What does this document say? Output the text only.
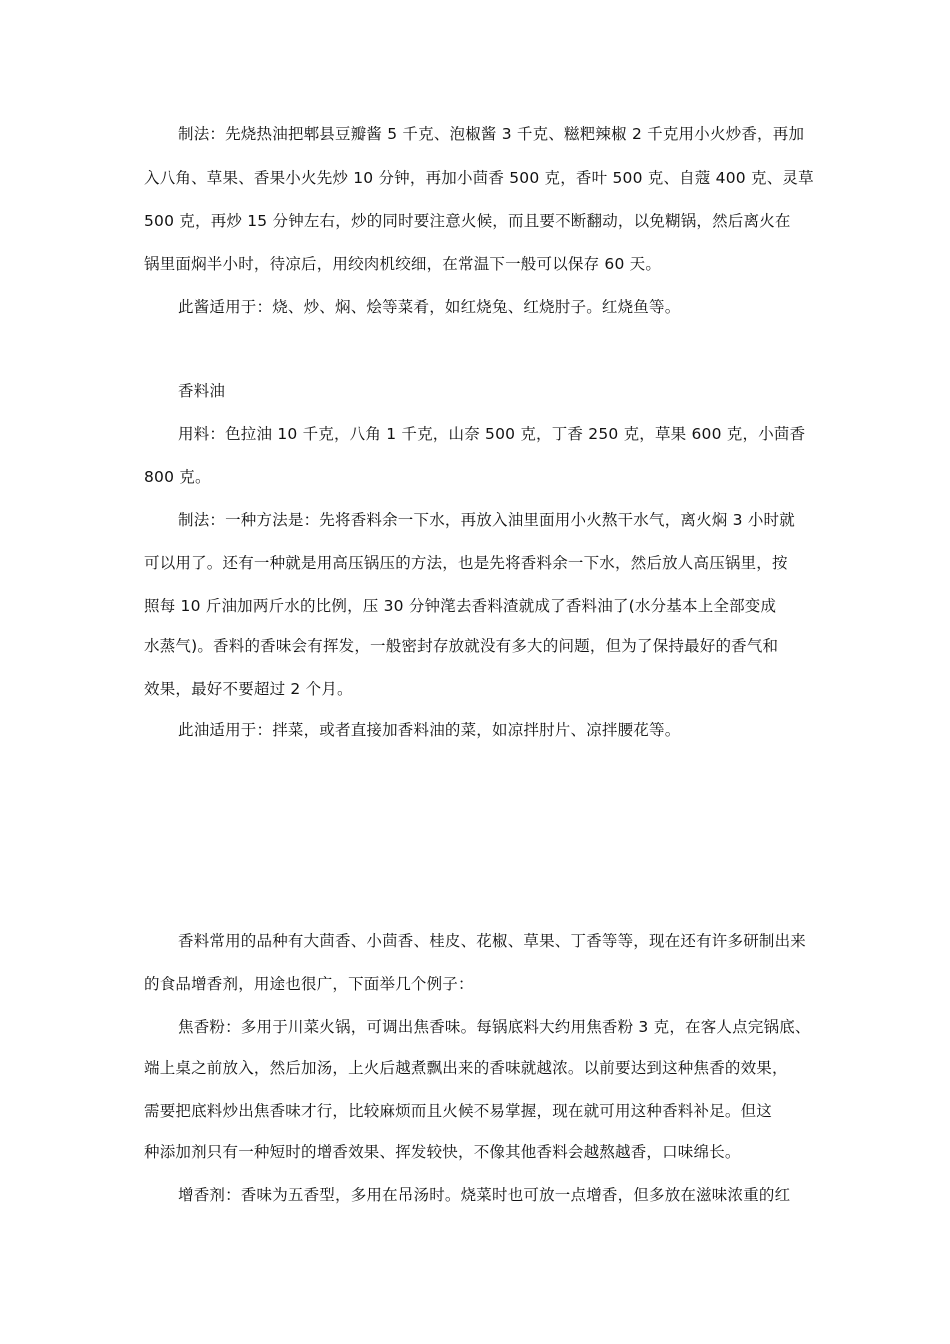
制法：先烧热油把郫县豆瓣酱 5 千克、泡椒酱 3 千克、糍粑辣椒 2 千克用小火炒香，再加
入八角、草果、香果小火先炒 10 分钟，再加小茴香 500 克，香叶 500 克、自蔻 400 克、灵草
500 克，再炒 15 分钟左右，炒的同时要注意火候，而且要不断翻动，以免糊锅，然后离火在
锅里面焖半小时，待凉后，用绞肉机绞细，在常温下一般可以保存 60 天。
此酱适用于：烧、炒、焖、烩等菜肴，如红烧兔、红烧肘子。红烧鱼等。
香料油
用料：色拉油 10 千克，八角 1 千克，山奈 500 克，丁香 250 克，草果 600 克，小茴香
800 克。
制法：一种方法是：先将香料余一下水，再放入油里面用小火熬干水气，离火焖 3 小时就
可以用了。还有一种就是用高压锅压的方法，也是先将香料余一下水，然后放人高压锅里，按
照每 10 斤油加两斤水的比例，压 30 分钟滗去香料渣就成了香料油了(水分基本上全部变成
水蒸气)。香料的香味会有挥发，一般密封存放就没有多大的问题，但为了保持最好的香气和
效果，最好不要超过 2 个月。
此油适用于：拌菜，或者直接加香料油的菜，如凉拌肘片、凉拌腰花等。
香料常用的品种有大茴香、小茴香、桂皮、花椒、草果、丁香等等，现在还有许多研制出来
的食品增香剂，用途也很广，下面举几个例子：
焦香粉：多用于川菜火锅，可调出焦香味。每锅底料大约用焦香粉 3 克，在客人点完锅底、
端上桌之前放入，然后加汤，上火后越煮飘出来的香味就越浓。以前要达到这种焦香的效果，
需要把底料炒出焦香味才行，比较麻烦而且火候不易掌握，现在就可用这种香料补足。但这
种添加剂只有一种短时的增香效果、挥发较快，不像其他香料会越熬越香，口味绵长。
增香剂：香味为五香型，多用在吊汤时。烧菜时也可放一点增香，但多放在滋味浓重的红
